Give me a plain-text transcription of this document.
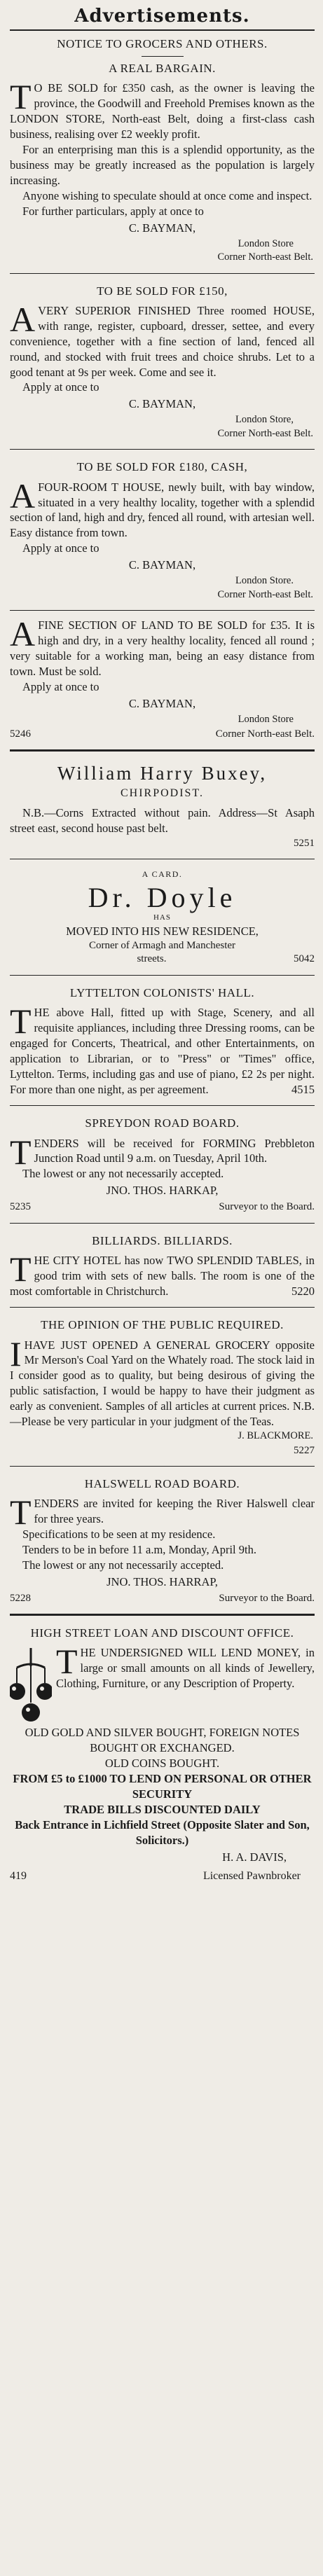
Advertisements.
NOTICE TO GROCERS AND OTHERS.
A REAL BARGAIN.

T O BE SOLD for £350 cash, as the owner is leaving the province, the Goodwill and Freehold Premises known as the LONDON STORE, North-east Belt, doing a first-class cash business, realising over £2 weekly profit.

For an enterprising man this is a splendid opportunity, as the business may be greatly increased as the population is largely increasing.

Anyone wishing to speculate should at once come and inspect.

For further particulars, apply at once to

C. BAYMAN,
London Store
Corner North-east Belt.
TO BE SOLD FOR £150,

AVERY SUPERIOR FINISHED Three roomed HOUSE, with range, register, cupboard, dresser, settee, and every convenience, together with a fine section of land, fenced all round, and stocked with fruit trees and choice shrubs. Let to a good tenant at 9s per week. Come and see it.

Apply at once to

C. BAYMAN,
London Store,
Corner North-east Belt.
TO BE SOLD FOR £180, CASH,

AFOUR-ROOM T HOUSE, newly built, with bay window, situated in a very healthy locality, together with a splendid section of land, high and dry, fenced all round, with artesian well. Easy distance from town.

Apply at once to

C. BAYMAN,
London Store.
Corner North-east Belt.

AFINE SECTION OF LAND TO BE SOLD for £35. It is high and dry, in a very healthy locality, fenced all round ; very suitable for a working man, being an easy distance from town. Must be sold.

Apply at once to

C. BAYMAN,
London Store
5246	Corner North-east Belt.
William Harry Buxey,
CHIRPODIST.

N.B.—Corns Extracted without pain. Address—St Asaph street east, second house past belt.

5251
A CARD.
Dr. Doyle
HAS
MOVED INTO HIS NEW RESIDENCE,
Corner of Armagh and Manchester
streets.	5042
LYTTELTON COLONISTS' HALL.

THE above Hall, fitted up with Stage, Scenery, and all requisite appliances, including three Dressing rooms, can be engaged for Concerts, Theatrical, and other Entertainments, on application to Librarian, or to "Press" or "Times" office, Lyttelton. Terms, including gas and use of piano, £2 2s per night. For more than one night, as per agreement.	4515

SPREYDON ROAD BOARD.

TENDERS will be received for FORMING Prebbleton Junction Road until 9 a.m. on Tuesday, April 10th.

The lowest or any not necessarily accepted.

JNO. THOS. HARKAP,
5235	Surveyor to the Board.
BILLIARDS. BILLIARDS.

THE CITY HOTEL has now TWO SPLENDID TABLES, in good trim with sets of new balls. The room is one of the most comfortable in Christchurch.	5220

THE OPINION OF THE PUBLIC REQUIRED.

IHAVE JUST OPENED A GENERAL GROCERY opposite Mr Merson's Coal Yard on the Whately road. The stock laid in I consider good as to quality, but being desirous of giving the public satisfaction, I would be happy to have their judgment as early as convenient. Samples of all articles at current prices. N.B.—Please be very particular in your judgment of the Teas.

J. BLACKMORE.
5227
HALSWELL ROAD BOARD.

TENDERS are invited for keeping the River Halswell clear for three years.

Specifications to be seen at my residence.

Tenders to be in before 11 a.m, Monday, April 9th.

The lowest or any not necessarily accepted.

JNO. THOS. HARRAP,
5228	Surveyor to the Board.
HIGH STREET LOAN AND DISCOUNT OFFICE.

THE UNDERSIGNED WILL LEND MONEY, in large or small amounts on all kinds of Jewellery, Clothing, Furniture, or any Description of Property.

OLD GOLD AND SILVER BOUGHT, FOREIGN NOTES BOUGHT OR EXCHANGED.
OLD COINS BOUGHT.
FROM £5 to £1000 TO LEND ON PERSONAL OR OTHER SECURITY
TRADE BILLS DISCOUNTED DAILY
Back Entrance in Lichfield Street (Opposite Slater and Son, Solicitors.)
H. A. DAVIS,
419	Licensed Pawnbroker
